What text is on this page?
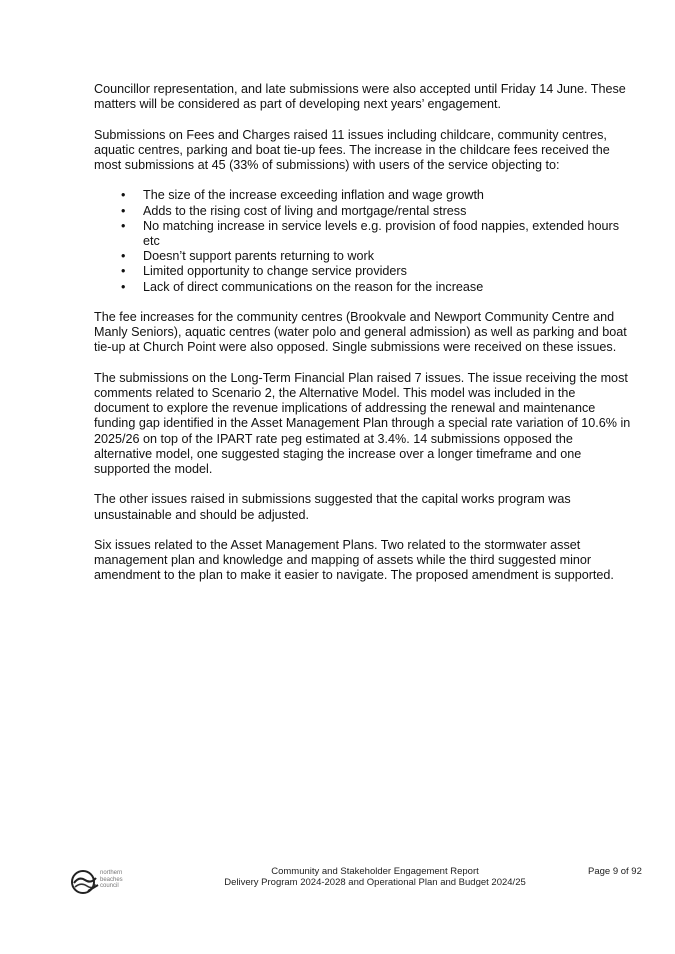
Councillor representation, and late submissions were also accepted until Friday 14 June. These matters will be considered as part of developing next years’ engagement.

Submissions on Fees and Charges raised 11 issues including childcare, community centres, aquatic centres, parking and boat tie-up fees. The increase in the childcare fees received the most submissions at 45 (33% of submissions) with users of the service objecting to:

• The size of the increase exceeding inflation and wage growth
• Adds to the rising cost of living and mortgage/rental stress
• No matching increase in service levels e.g. provision of food nappies, extended hours etc
• Doesn’t support parents returning to work
• Limited opportunity to change service providers
• Lack of direct communications on the reason for the increase

The fee increases for the community centres (Brookvale and Newport Community Centre and Manly Seniors), aquatic centres (water polo and general admission) as well as parking and boat tie-up at Church Point were also opposed. Single submissions were received on these issues.

The submissions on the Long-Term Financial Plan raised 7 issues. The issue receiving the most comments related to Scenario 2, the Alternative Model. This model was included in the document to explore the revenue implications of addressing the renewal and maintenance funding gap identified in the Asset Management Plan through a special rate variation of 10.6% in 2025/26 on top of the IPART rate peg estimated at 3.4%. 14 submissions opposed the alternative model, one suggested staging the increase over a longer timeframe and one supported the model.

The other issues raised in submissions suggested that the capital works program was unsustainable and should be adjusted.

Six issues related to the Asset Management Plans. Two related to the stormwater asset management plan and knowledge and mapping of assets while the third suggested minor amendment to the plan to make it easier to navigate. The proposed amendment is supported.

northern
beaches
council
Community and Stakeholder Engagement Report
Delivery Program 2024-2028 and Operational Plan and Budget 2024/25
Page 9 of 92
